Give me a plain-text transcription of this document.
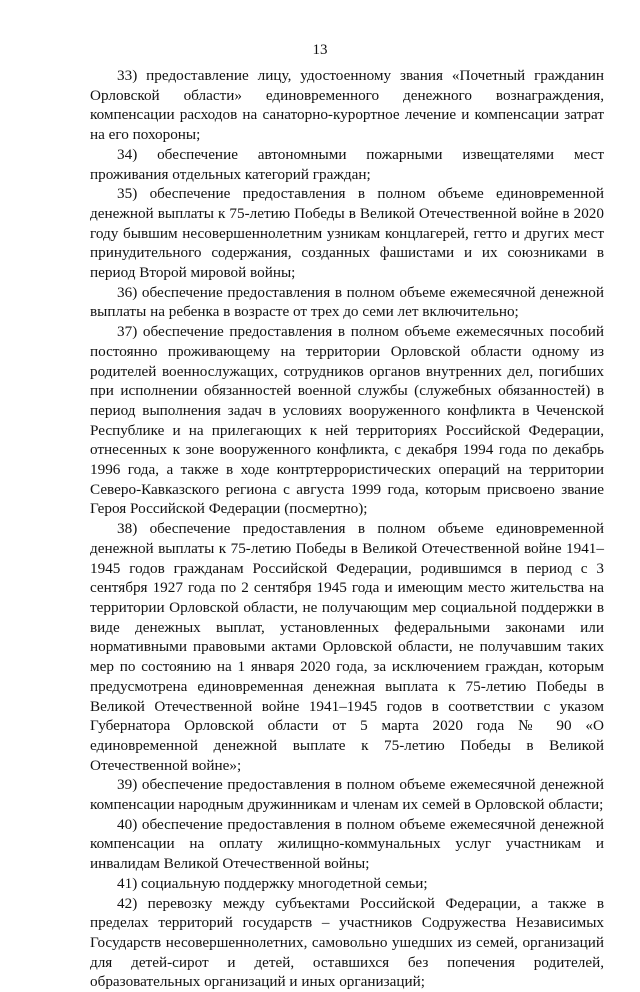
13

33) предоставление лицу, удостоенному звания «Почетный гражданин Орловской области» единовременного денежного вознаграждения, компенсации расходов на санаторно-курортное лечение и компенсации затрат на его похороны;

34) обеспечение автономными пожарными извещателями мест проживания отдельных категорий граждан;

35) обеспечение предоставления в полном объеме единовременной денежной выплаты к 75-летию Победы в Великой Отечественной войне в 2020 году бывшим несовершеннолетним узникам концлагерей, гетто и других мест принудительного содержания, созданных фашистами и их союзниками в период Второй мировой войны;

36) обеспечение предоставления в полном объеме ежемесячной денежной выплаты на ребенка в возрасте от трех до семи лет включительно;

37) обеспечение предоставления в полном объеме ежемесячных пособий постоянно проживающему на территории Орловской области одному из родителей военнослужащих, сотрудников органов внутренних дел, погибших при исполнении обязанностей военной службы (служебных обязанностей) в период выполнения задач в условиях вооруженного конфликта в Чеченской Республике и на прилегающих к ней территориях Российской Федерации, отнесенных к зоне вооруженного конфликта, с декабря 1994 года по декабрь 1996 года, а также в ходе контртеррористических операций на территории Северо-Кавказского региона с августа 1999 года, которым присвоено звание Героя Российской Федерации (посмертно);

38) обеспечение предоставления в полном объеме единовременной денежной выплаты к 75-летию Победы в Великой Отечественной войне 1941–1945 годов гражданам Российской Федерации, родившимся в период с 3 сентября 1927 года по 2 сентября 1945 года и имеющим место жительства на территории Орловской области, не получающим мер социальной поддержки в виде денежных выплат, установленных федеральными законами или нормативными правовыми актами Орловской области, не получавшим таких мер по состоянию на 1 января 2020 года, за исключением граждан, которым предусмотрена единовременная денежная выплата к 75-летию Победы в Великой Отечественной войне 1941–1945 годов в соответствии с указом Губернатора Орловской области от 5 марта 2020 года № 90 «О единовременной денежной выплате к 75-летию Победы в Великой Отечественной войне»;

39) обеспечение предоставления в полном объеме ежемесячной денежной компенсации народным дружинникам и членам их семей в Орловской области;

40) обеспечение предоставления в полном объеме ежемесячной денежной компенсации на оплату жилищно-коммунальных услуг участникам и инвалидам Великой Отечественной войны;

41) социальную поддержку многодетной семьи;

42) перевозку между субъектами Российской Федерации, а также в пределах территорий государств – участников Содружества Независимых Государств несовершеннолетних, самовольно ушедших из семей, организаций для детей-сирот и детей, оставшихся без попечения родителей, образовательных организаций и иных организаций;
